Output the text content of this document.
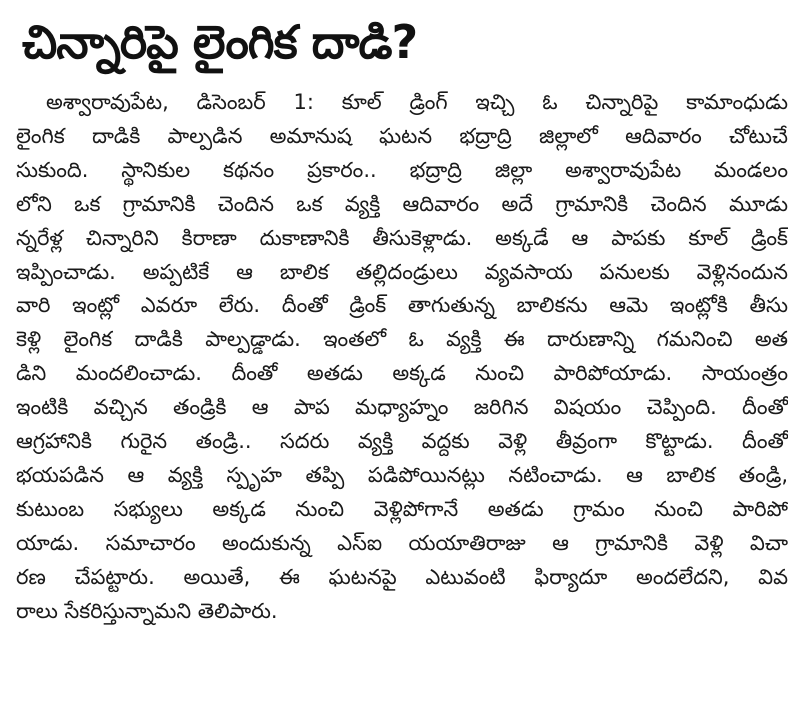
చిన్నారిపై లైంగిక దాడి?
అశ్వారావుపేట, డిసెంబర్ 1: కూల్ డ్రింగ్ ఇచ్చి ఓ చిన్నారిపై కామాంధుడు
లైంగిక దాడికి పాల్పడిన అమానుష ఘటన భద్రాద్రి జిల్లాలో ఆదివారం చోటుచే
సుకుంది. స్థానికుల కథనం ప్రకారం.. భద్రాద్రి జిల్లా అశ్వారావుపేట మండలం
లోని ఒక గ్రామానికి చెందిన ఒక వ్యక్తి ఆదివారం అదే గ్రామానికి చెందిన మూడు
న్నరేళ్ల చిన్నారిని కిరాణా దుకాణానికి తీసుకెళ్లాడు. అక్కడే ఆ పాపకు కూల్ డ్రింక్
ఇప్పించాడు. అప్పటికే ఆ బాలిక తల్లిదండ్రులు వ్యవసాయ పనులకు వెళ్లినందున
వారి ఇంట్లో ఎవరూ లేరు. దీంతో డ్రింక్ తాగుతున్న బాలికను ఆమె ఇంట్లోకి తీసు
కెళ్లి లైంగిక దాడికి పాల్పడ్డాడు. ఇంతలో ఓ వ్యక్తి ఈ దారుణాన్ని గమనించి అత
డిని మందలించాడు. దీంతో అతడు అక్కడ నుంచి పారిపోయాడు. సాయంత్రం
ఇంటికి వచ్చిన తండ్రికి ఆ పాప మధ్యాహ్నం జరిగిన విషయం చెప్పింది. దీంతో
ఆగ్రహానికి గురైన తండ్రి.. సదరు వ్యక్తి వద్దకు వెళ్లి తీవ్రంగా కొట్టాడు. దీంతో
భయపడిన ఆ వ్యక్తి స్పృహ తప్పి పడిపోయినట్లు నటించాడు. ఆ బాలిక తండ్రి,
కుటుంబ సభ్యులు అక్కడ నుంచి వెళ్లిపోగానే అతడు గ్రామం నుంచి పారిపో
యాడు. సమాచారం అందుకున్న ఎస్ఐ యయాతిరాజు ఆ గ్రామానికి వెళ్లి విచా
రణ చేపట్టారు. అయితే, ఈ ఘటనపై ఎటువంటి ఫిర్యాదూ అందలేదని, వివ
రాలు సేకరిస్తున్నామని తెలిపారు.
